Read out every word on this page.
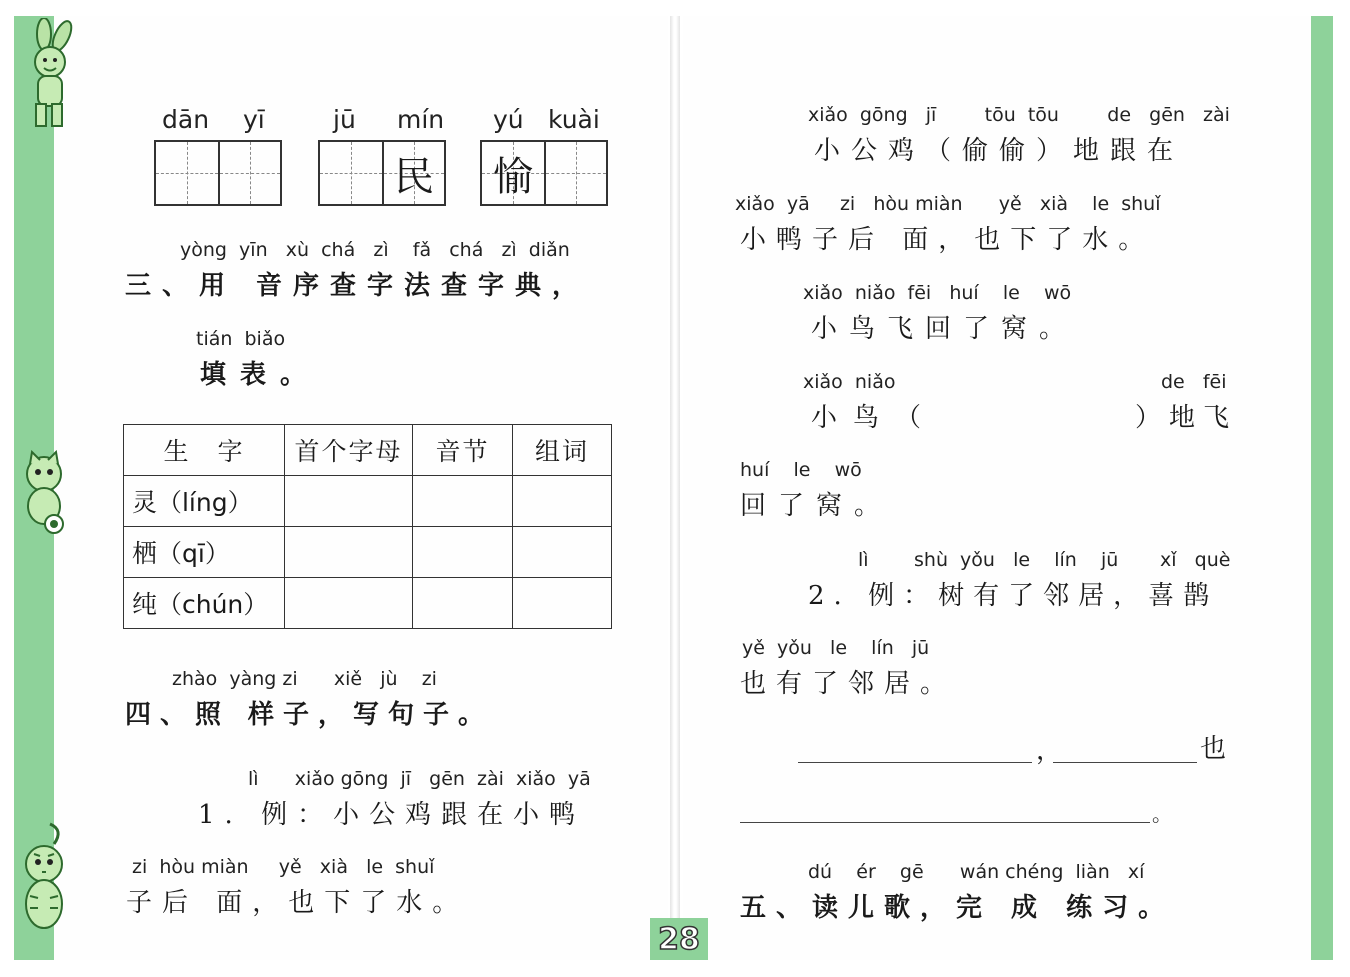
dān yī	jū mín yú kuài
民 愉
yòng  yīn   xù  chá   zì    fǎ   chá   zì  diǎn
三、用 音序查字法查字典，
tián  biǎo
填表。
生　字	首个字母	音节	组词
灵（líng）			
栖（qī）			
纯（chún）			
zhào  yàng zi      xiě   jù    zi
四、照 样子，写句子。
lì      xiǎo gōng  jī   gēn  zài  xiǎo  yā
1. 例：小公鸡跟在小鸭
zi  hòu miàn     yě   xià   le  shuǐ
子后 面，也下了水。
xiǎo  gōng   jī        tōu  tōu        de   gēn   zài
小公鸡（偷偷）地跟在
xiǎo  yā     zi   hòu miàn      yě   xià    le  shuǐ
小鸭子后 面，也下了水。
xiǎo  niǎo  fēi   huí    le    wō
小鸟飞回了窝。
xiǎo  niǎo	de   fēi
小鸟（	）地飞
huí    le    wō
回了窝。
lì shù  yǒu   le    lín    jū xǐ   què
2. 例：树有了邻居，喜鹊
yě  yǒu   le    lín   jū
也有了邻居。
，	也
。
dú    ér    gē      wán chéng  liàn   xí
五、读儿歌，完 成 练习。
28
